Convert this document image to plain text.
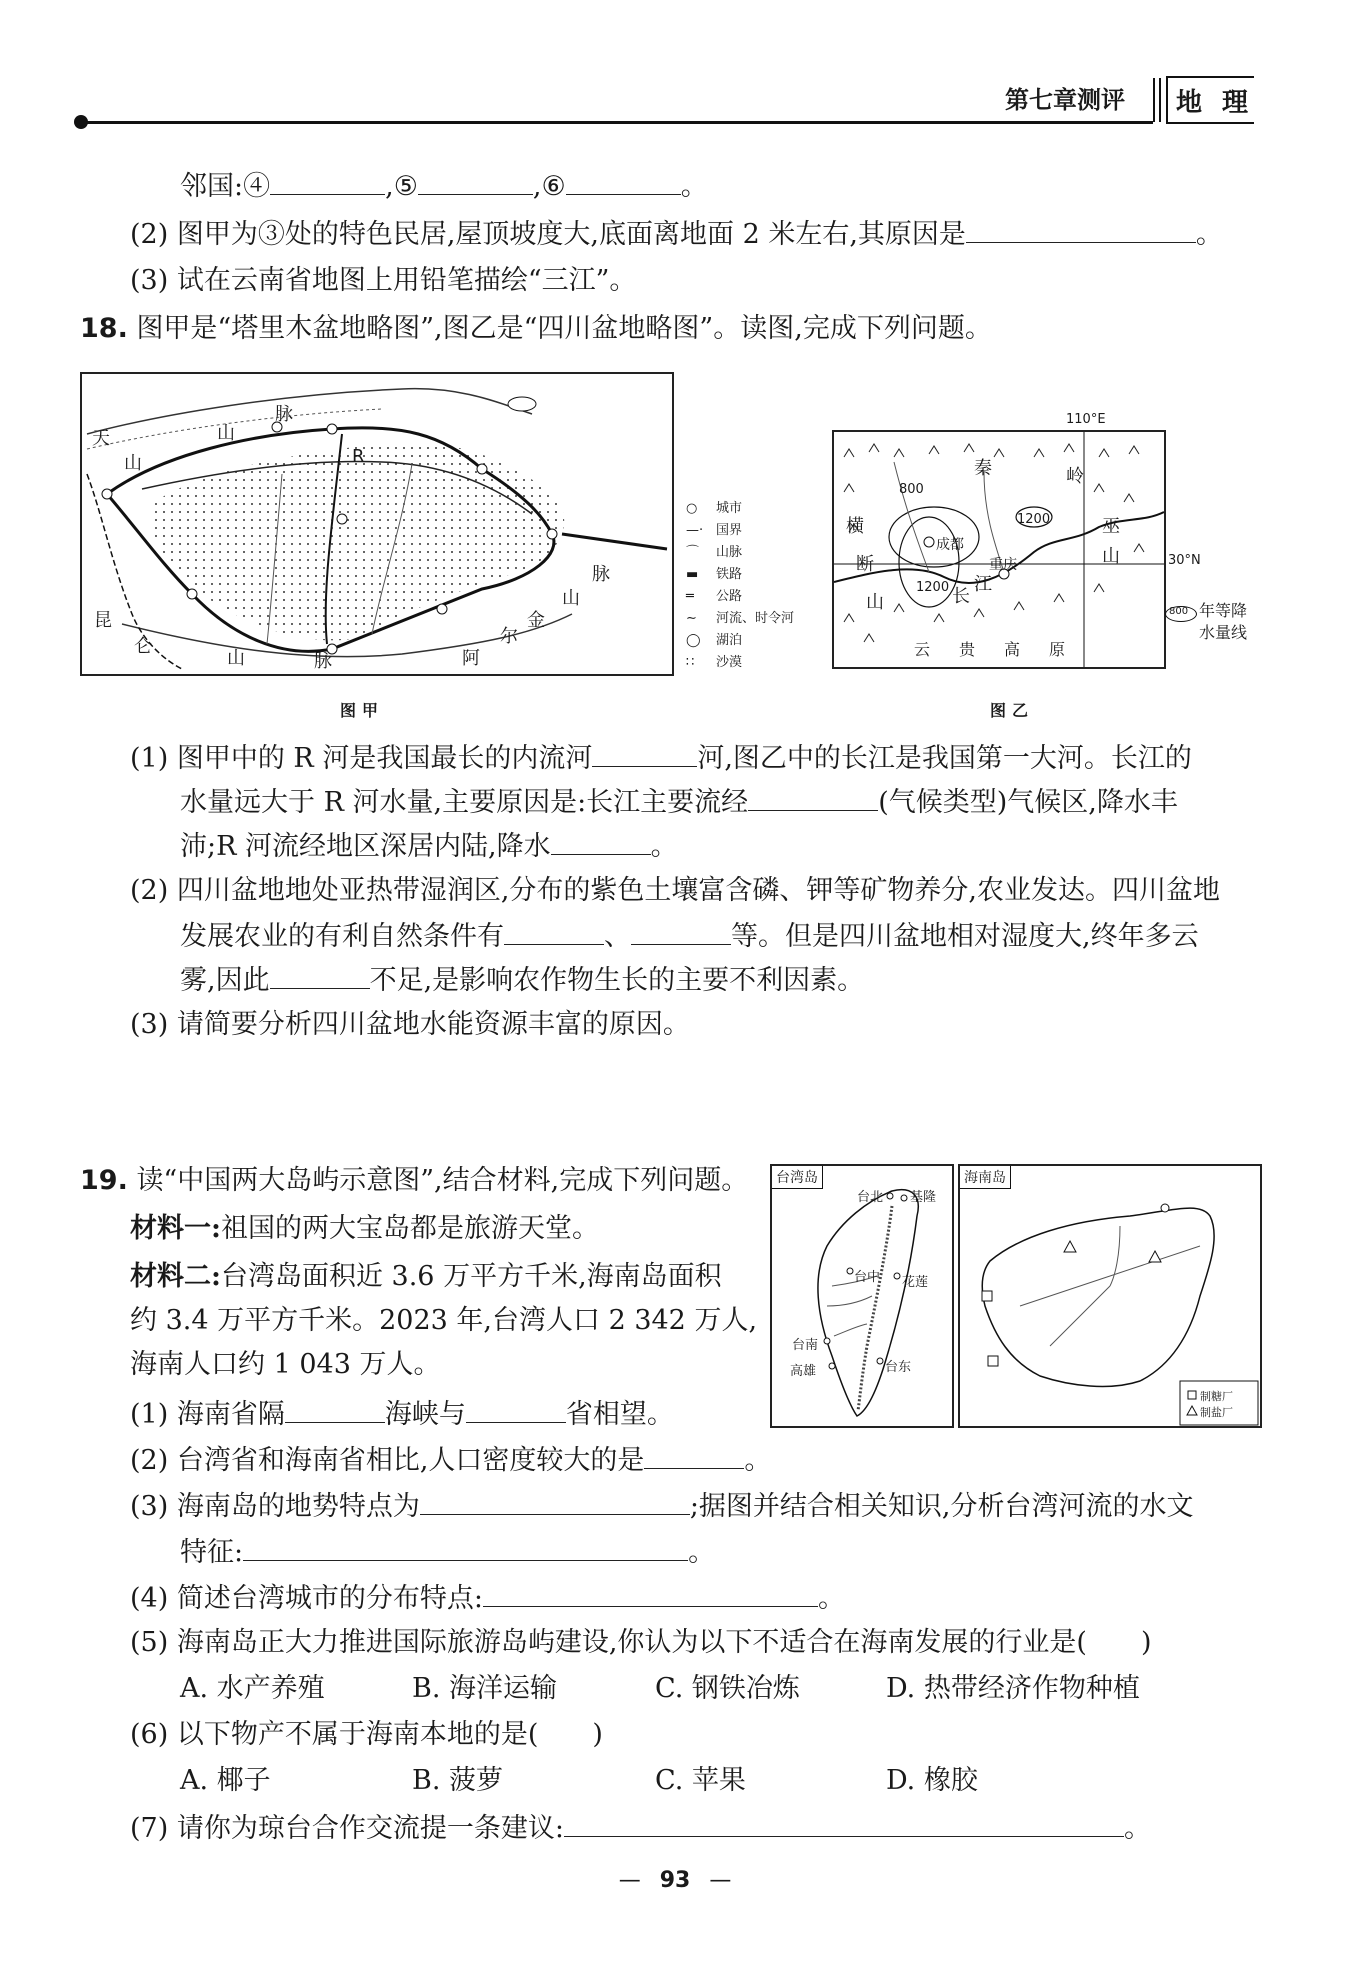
第七章测评 地 理
邻国:④	,⑤	,⑥	。
(2) 图甲为③处的特色民居,屋顶坡度大,底面离地面 2 米左右,其原因是	。
(3) 试在云南省地图上用铅笔描绘“三江”。
18. 图甲是“塔里木盆地略图”,图乙是“四川盆地略图”。读图,完成下列问题。
天
山
山
脉
R
昆
仑
山	脉	阿
尔
金
山
脉
○ 城市
—· 国界
⌒ 山脉
▬ 铁路
═ 公路
∼ 河流、时令河
◯ 湖泊
∷ 沙漠
图甲
800
1200
1200
成都
重庆
秦	岭
巫
山
横
断
山	长
江
云 贵 高 原
110°E
30°N
800 年等降
水量线
图乙
(1) 图甲中的 R 河是我国最长的内流河	河,图乙中的长江是我国第一大河。长江的
水量远大于 R 河水量,主要原因是:长江主要流经	(气候类型)气候区,降水丰
沛;R 河流经地区深居内陆,降水	。
(2) 四川盆地地处亚热带湿润区,分布的紫色土壤富含磷、钾等矿物养分,农业发达。四川盆地
发展农业的有利自然条件有	、	等。但是四川盆地相对湿度大,终年多云
雾,因此	不足,是影响农作物生长的主要不利因素。
(3) 请简要分析四川盆地水能资源丰富的原因。
19. 读“中国两大岛屿示意图”,结合材料,完成下列问题。
材料一:祖国的两大宝岛都是旅游天堂。
材料二:台湾岛面积近 3.6 万平方千米,海南岛面积
约 3.4 万平方千米。2023 年,台湾人口 2 342 万人,
海南人口约 1 043 万人。
台湾岛
台北 基隆
台中 花莲
台南
高雄	台东
海南岛
制糖厂
制盐厂
(1) 海南省隔	海峡与	省相望。
(2) 台湾省和海南省相比,人口密度较大的是	。
(3) 海南岛的地势特点为	;据图并结合相关知识,分析台湾河流的水文
特征:	。
(4) 简述台湾城市的分布特点:	。
(5) 海南岛正大力推进国际旅游岛屿建设,你认为以下不适合在海南发展的行业是(　　)
A. 水产养殖	B. 海洋运输	C. 钢铁冶炼	D. 热带经济作物种植
(6) 以下物产不属于海南本地的是(　　)
A. 椰子	B. 菠萝	C. 苹果	D. 橡胶
(7) 请你为琼台合作交流提一条建议:	。
— 93 —
